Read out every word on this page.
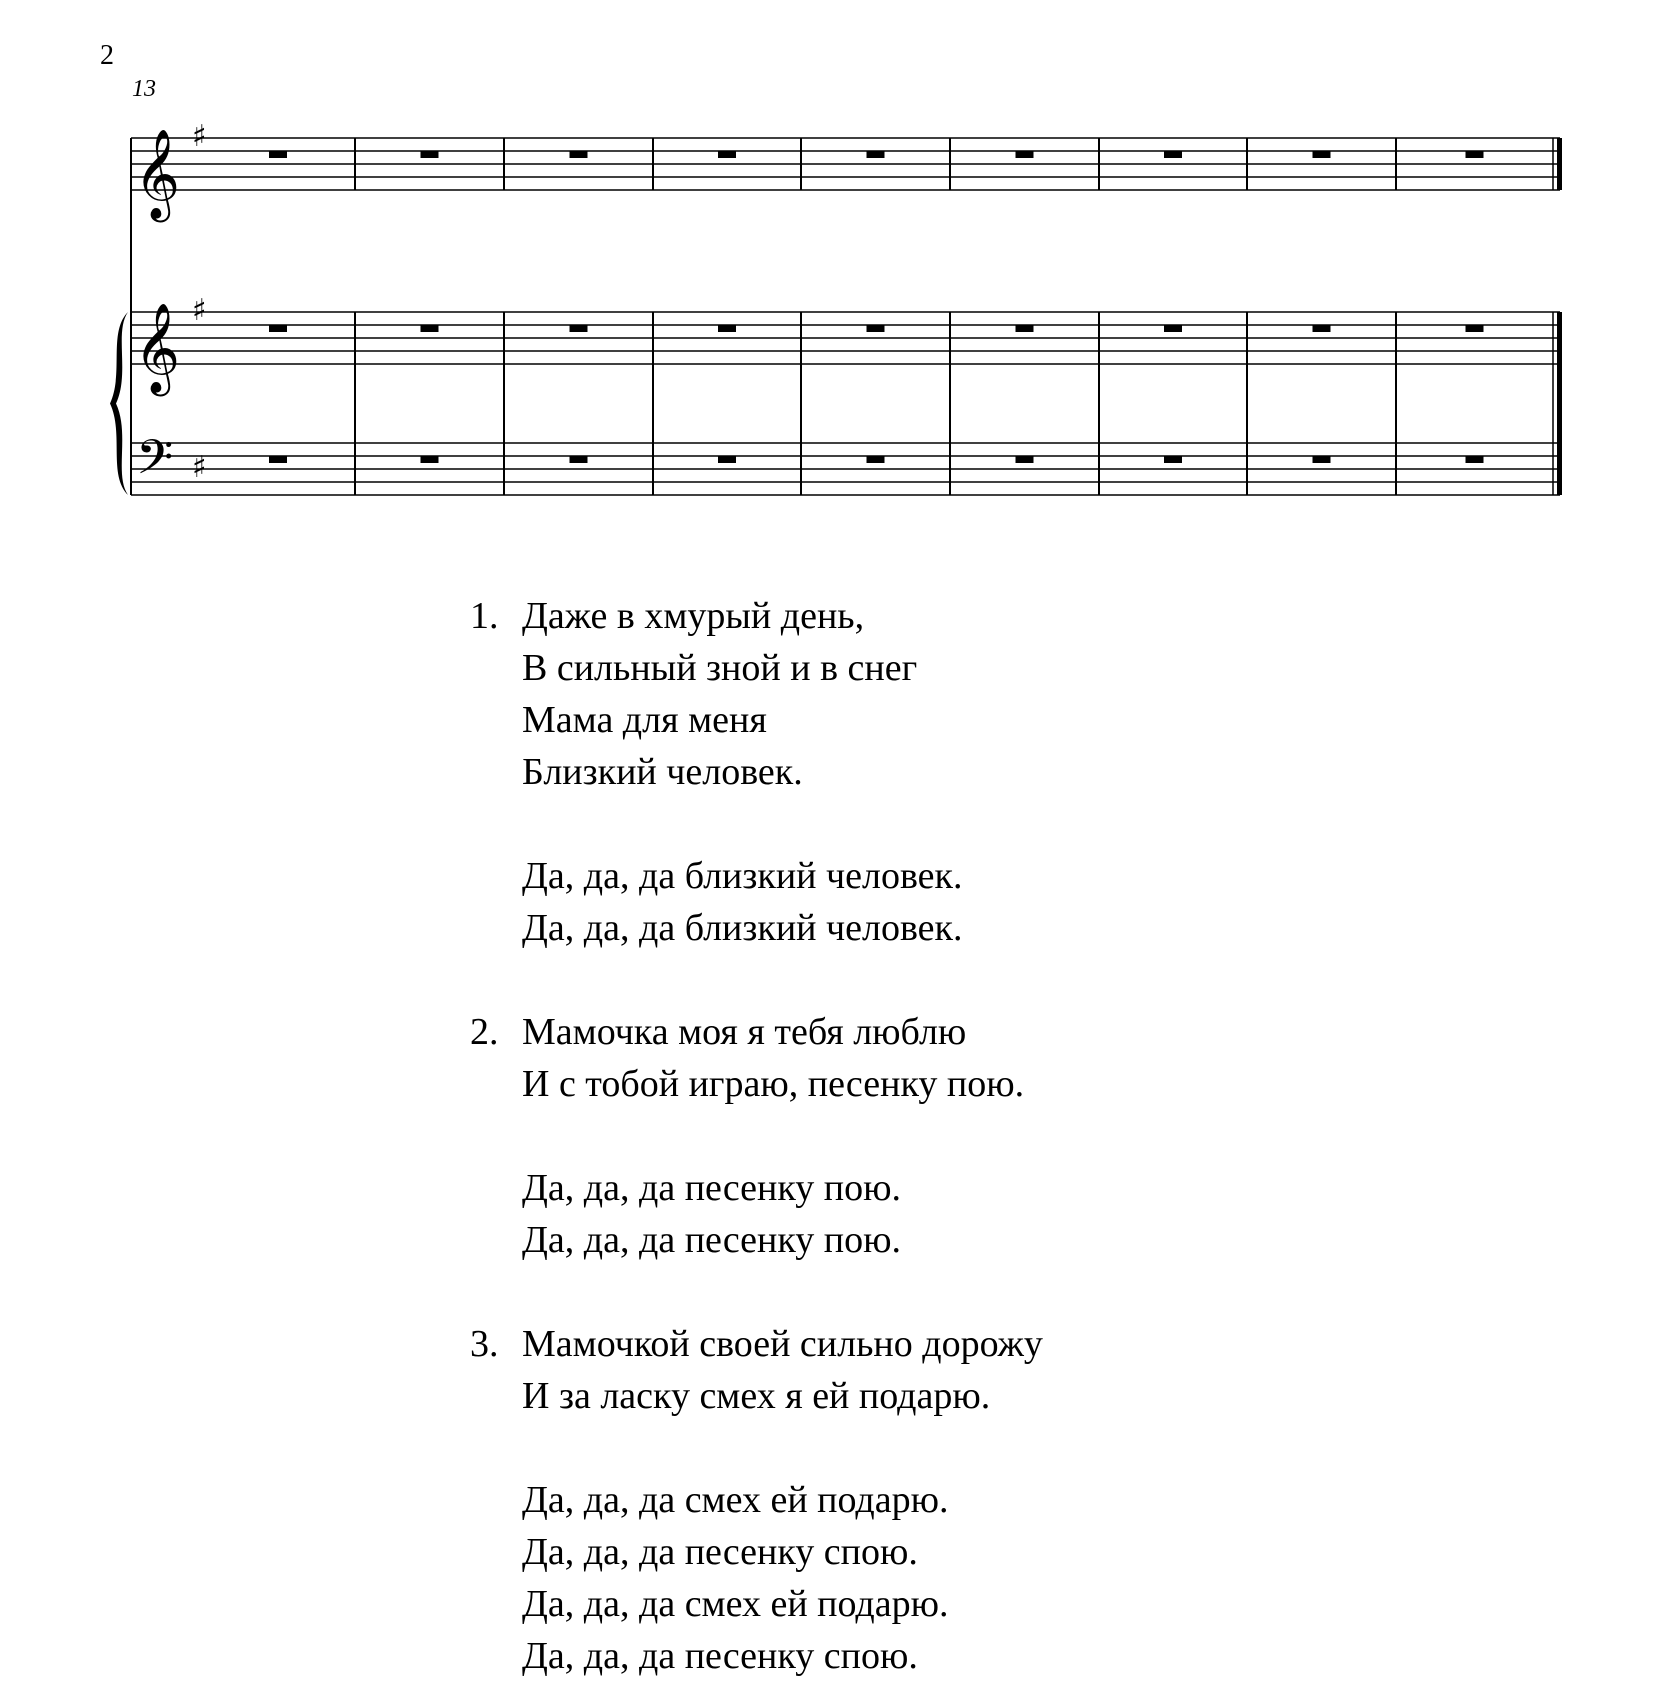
2
13
𝄞
𝄞
𝄢
♯
♯
♯
1. Даже в хмурый день,
В сильный зной и в снег
Мама для меня
Близкий человек.
Да, да, да близкий человек.
Да, да, да близкий человек.
2. Мамочка моя я тебя люблю
И с тобой играю, песенку пою.
Да, да, да песенку пою.
Да, да, да песенку пою.
3. Мамочкой своей сильно дорожу
И за ласку смех я ей подарю.
Да, да, да смех ей подарю.
Да, да, да песенку спою.
Да, да, да смех ей подарю.
Да, да, да песенку спою.
